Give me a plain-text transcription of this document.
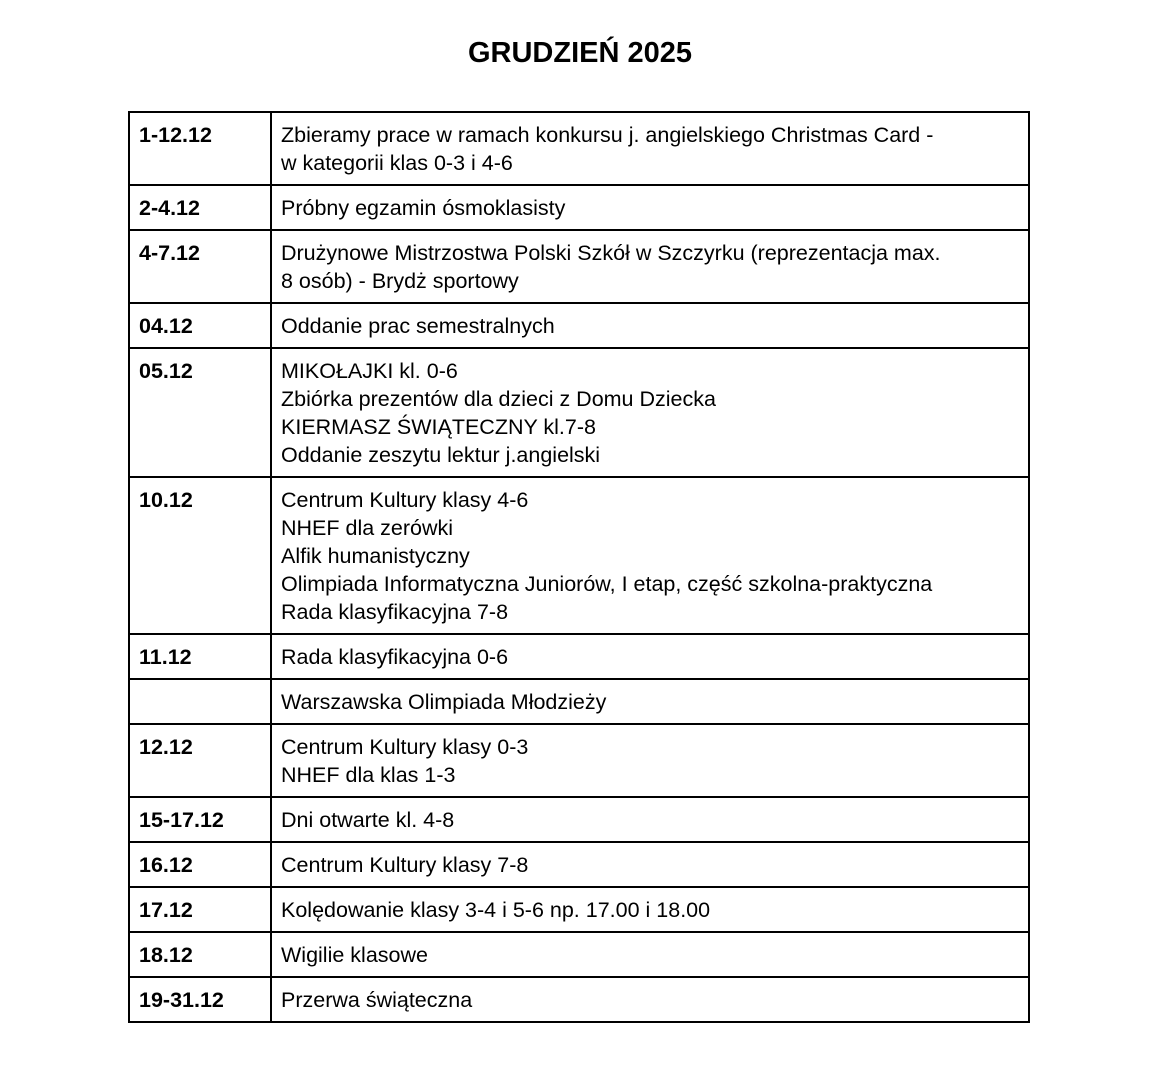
GRUDZIEŃ 2025
1-12.12	Zbieramy prace w ramach konkursu j. angielskiego Christmas Card -
w kategorii klas 0-3 i 4-6

2-4.12	Próbny egzamin ósmoklasisty

4-7.12	Drużynowe Mistrzostwa Polski Szkół w Szczyrku (reprezentacja max.
8 osób) - Brydż sportowy

04.12	Oddanie prac semestralnych

05.12	MIKOŁAJKI kl. 0-6
Zbiórka prezentów dla dzieci z Domu Dziecka
KIERMASZ ŚWIĄTECZNY kl.7-8
Oddanie zeszytu lektur j.angielski

10.12	Centrum Kultury klasy 4-6
NHEF dla zerówki
Alfik humanistyczny
Olimpiada Informatyczna Juniorów, I etap, część szkolna-praktyczna
Rada klasyfikacyjna 7-8

11.12	Rada klasyfikacyjna 0-6

	Warszawska Olimpiada Młodzieży

12.12	Centrum Kultury klasy 0-3
NHEF dla klas 1-3

15-17.12	Dni otwarte kl. 4-8

16.12	Centrum Kultury klasy 7-8

17.12	Kolędowanie klasy 3-4 i 5-6 np. 17.00 i 18.00

18.12	Wigilie klasowe

19-31.12	Przerwa świąteczna
